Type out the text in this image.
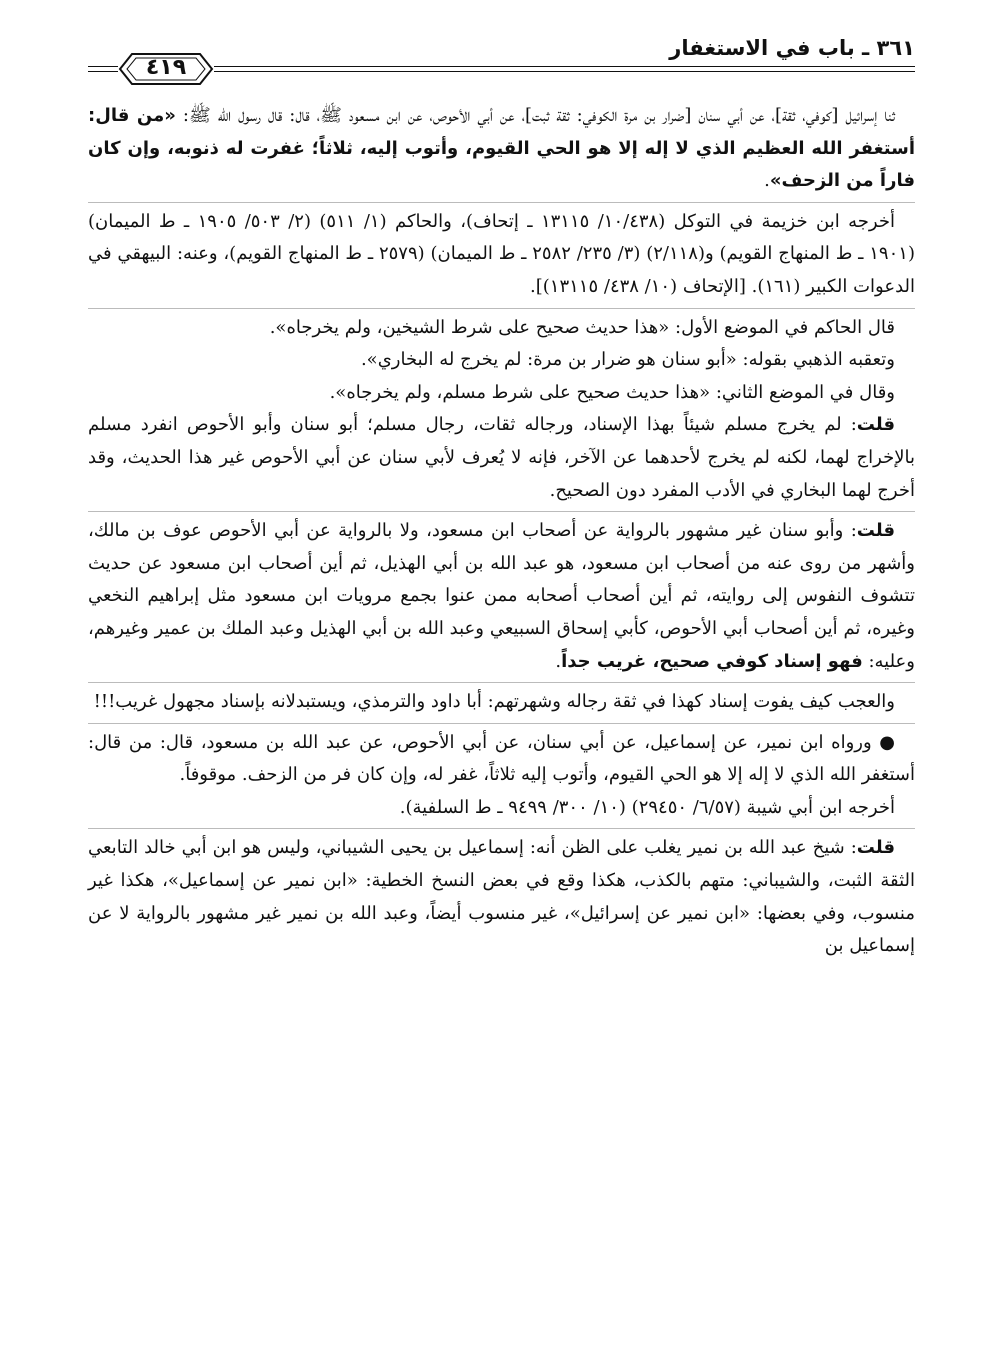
٣٦١ ـ باب في الاستغفار
٤١٩

ثنا إسرائيل [كوفي، ثقة]، عن أبي سنان [ضرار بن مرة الكوفي: ثقة ثبت]، عن أبي الأحوص، عن ابن مسعود ﷺ، قال: قال رسول الله ﷺ: «من قال: أستغفر الله العظيم الذي لا إله إلا هو الحي القيوم، وأتوب إليه، ثلاثاً؛ غفرت له ذنوبه، وإن كان فاراً من الزحف».

أخرجه ابن خزيمة في التوكل (١٠/٤٣٨/ ١٣١١٥ ـ إتحاف)، والحاكم (١/ ٥١١) (٢/ ٥٠٣/ ١٩٠٥ ـ ط الميمان) (١٩٠١ ـ ط المنهاج القويم) و(٢/١١٨) (٣/ ٢٣٥/ ٢٥٨٢ ـ ط الميمان) (٢٥٧٩ ـ ط المنهاج القويم)، وعنه: البيهقي في الدعوات الكبير (١٦١). [الإتحاف (١٠/ ٤٣٨/ ١٣١١٥)].

قال الحاكم في الموضع الأول: «هذا حديث صحيح على شرط الشيخين، ولم يخرجاه».

وتعقبه الذهبي بقوله: «أبو سنان هو ضرار بن مرة: لم يخرج له البخاري».

وقال في الموضع الثاني: «هذا حديث صحيح على شرط مسلم، ولم يخرجاه».

قلت: لم يخرج مسلم شيئاً بهذا الإسناد، ورجاله ثقات، رجال مسلم؛ أبو سنان وأبو الأحوص انفرد مسلم بالإخراج لهما، لكنه لم يخرج لأحدهما عن الآخر، فإنه لا يُعرف لأبي سنان عن أبي الأحوص غير هذا الحديث، وقد أخرج لهما البخاري في الأدب المفرد دون الصحيح.

قلت: وأبو سنان غير مشهور بالرواية عن أصحاب ابن مسعود، ولا بالرواية عن أبي الأحوص عوف بن مالك، وأشهر من روى عنه من أصحاب ابن مسعود، هو عبد الله بن أبي الهذيل، ثم أين أصحاب ابن مسعود عن حديث تتشوف النفوس إلى روايته، ثم أين أصحاب أصحابه ممن عنوا بجمع مرويات ابن مسعود مثل إبراهيم النخعي وغيره، ثم أين أصحاب أبي الأحوص، كأبي إسحاق السبيعي وعبد الله بن أبي الهذيل وعبد الملك بن عمير وغيرهم، وعليه: فهو إسناد كوفي صحيح، غريب جداً.

والعجب كيف يفوت إسناد كهذا في ثقة رجاله وشهرتهم: أبا داود والترمذي، ويستبدلانه بإسناد مجهول غريب!!!

● ورواه ابن نمير، عن إسماعيل، عن أبي سنان، عن أبي الأحوص، عن عبد الله بن مسعود، قال: من قال: أستغفر الله الذي لا إله إلا هو الحي القيوم، وأتوب إليه ثلاثاً، غفر له، وإن كان فر من الزحف. موقوفاً.

أخرجه ابن أبي شيبة (٦/٥٧/ ٢٩٤٥٠) (١٠/ ٣٠٠/ ٩٤٩٩ ـ ط السلفية).

قلت: شيخ عبد الله بن نمير يغلب على الظن أنه: إسماعيل بن يحيى الشيباني، وليس هو ابن أبي خالد التابعي الثقة الثبت، والشيباني: متهم بالكذب، هكذا وقع في بعض النسخ الخطية: «ابن نمير عن إسماعيل»، هكذا غير منسوب، وفي بعضها: «ابن نمير عن إسرائيل»، غير منسوب أيضاً، وعبد الله بن نمير غير مشهور بالرواية لا عن إسماعيل بن
